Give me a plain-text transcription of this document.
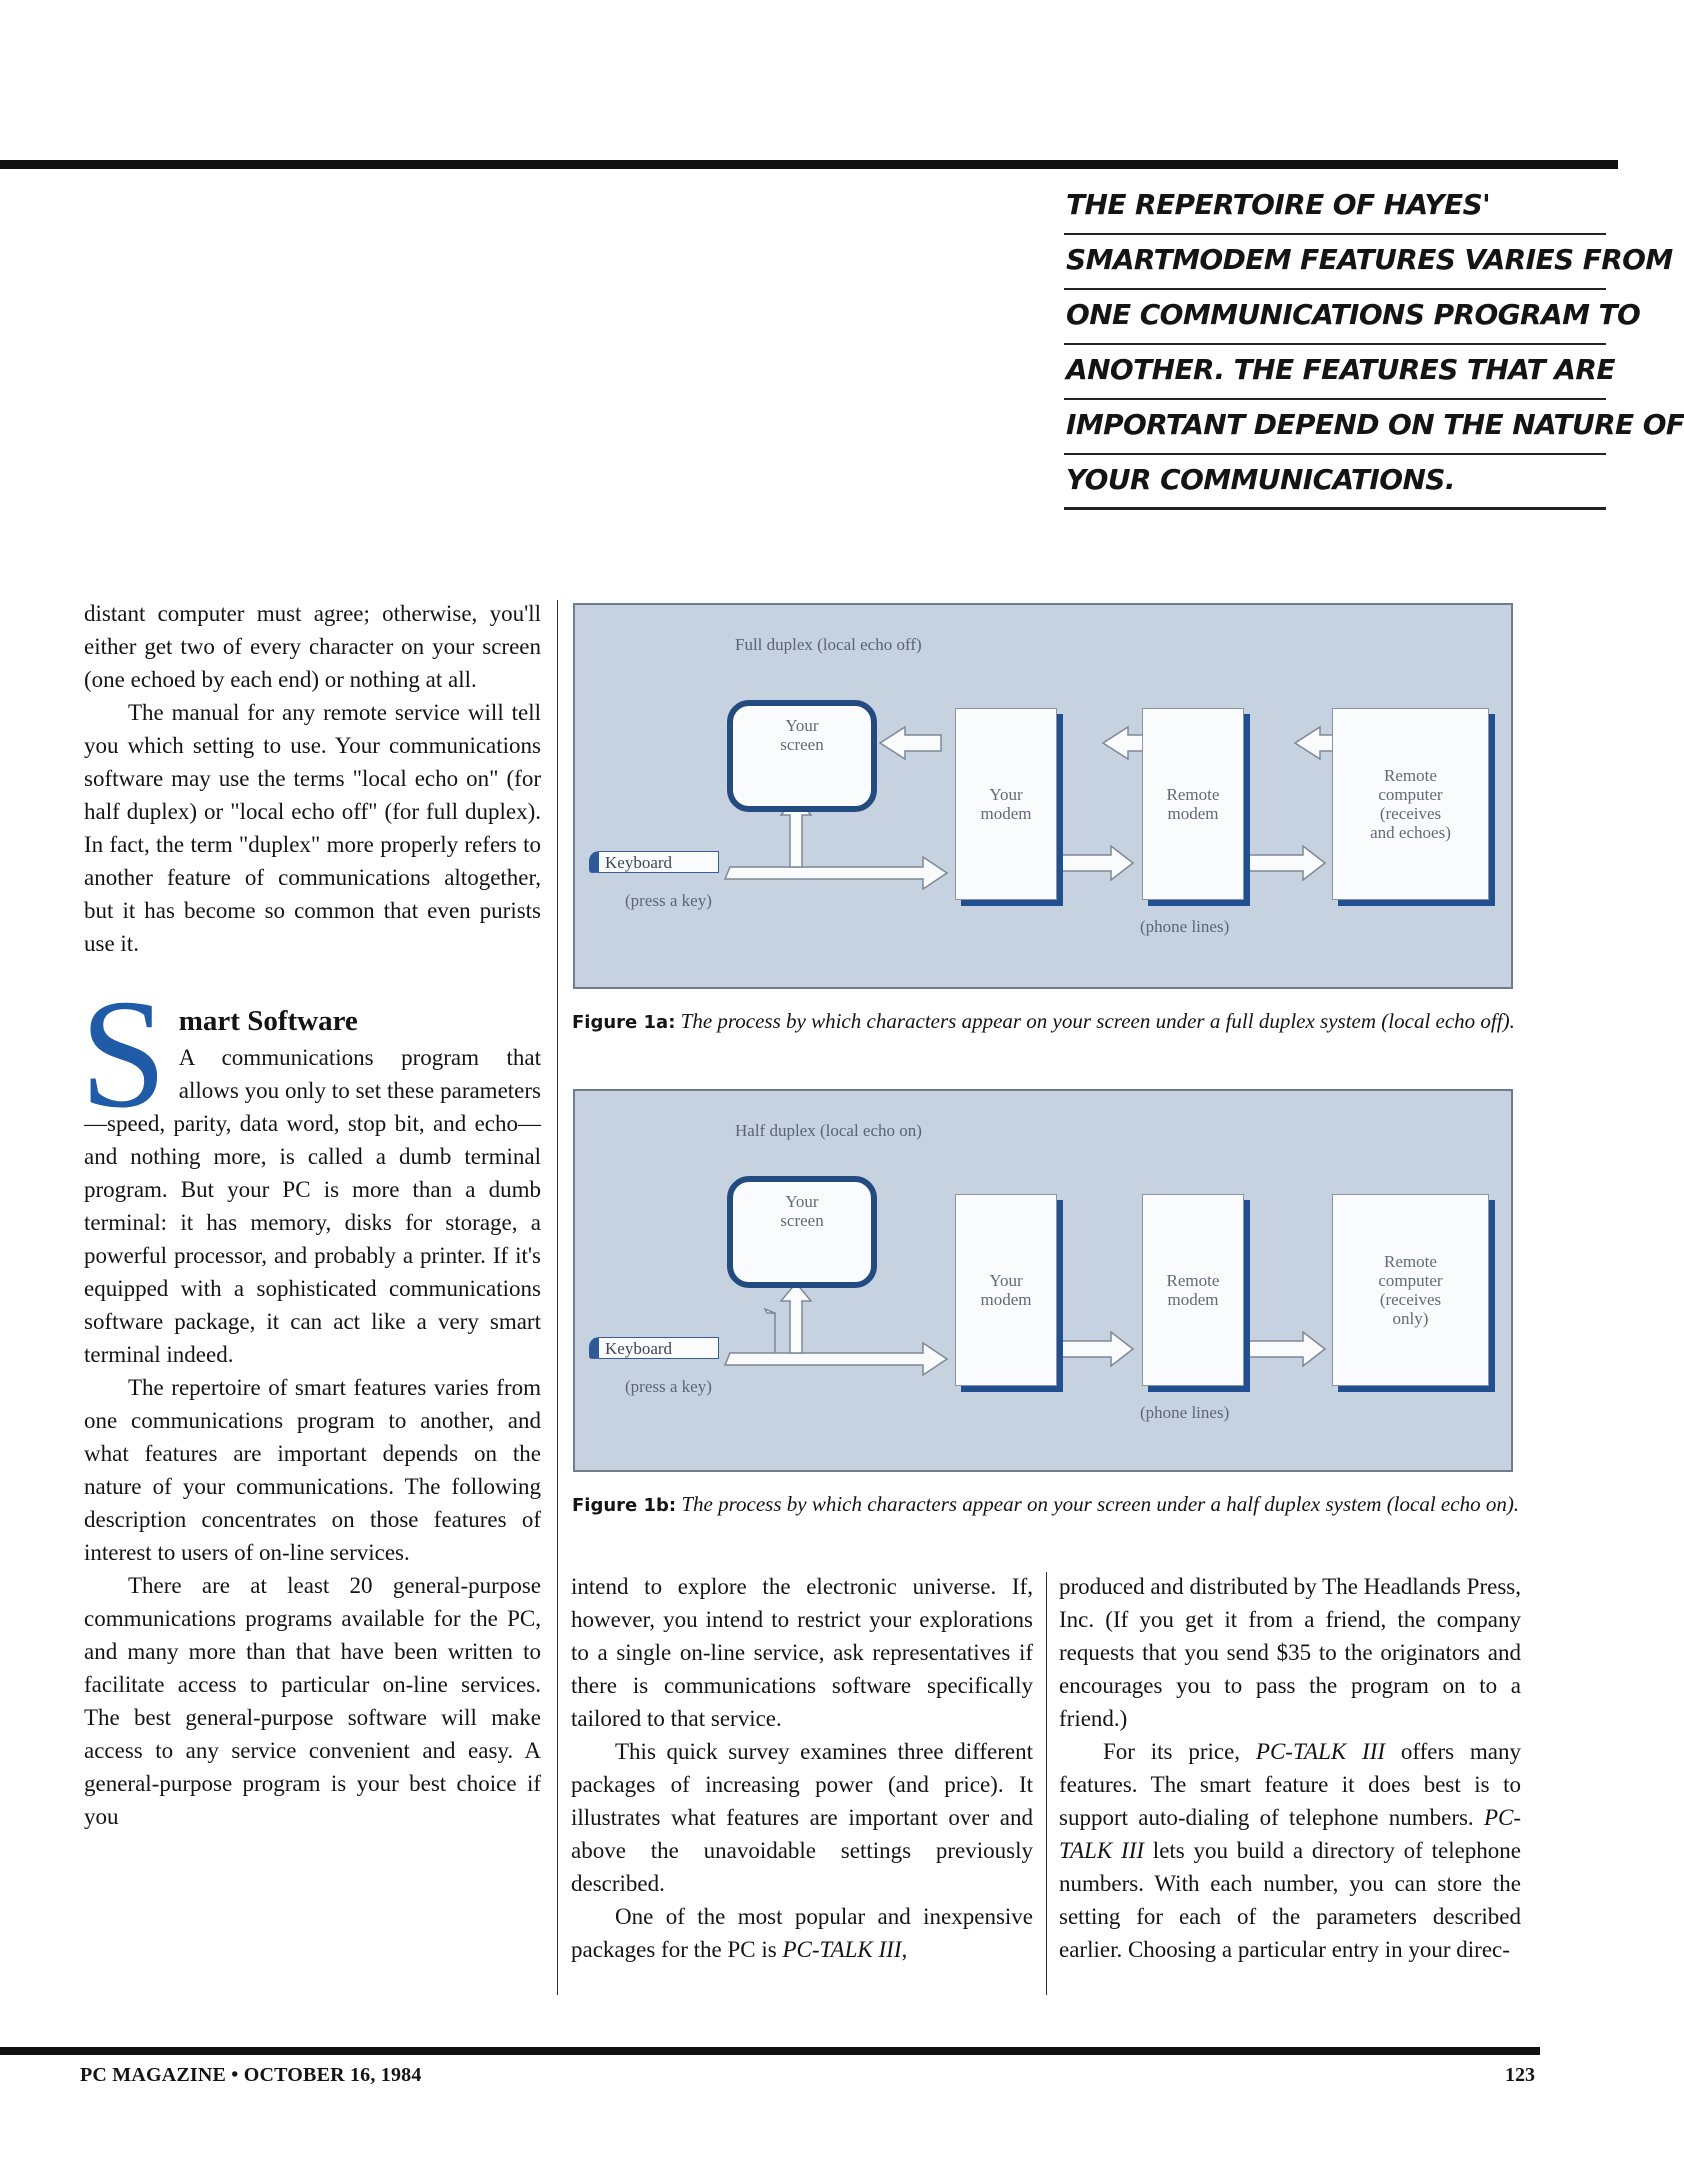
THE REPERTOIRE OF HAYES'
SMARTMODEM FEATURES VARIES FROM
ONE COMMUNICATIONS PROGRAM TO
ANOTHER. THE FEATURES THAT ARE
IMPORTANT DEPEND ON THE NATURE OF
YOUR COMMUNICATIONS.

distant computer must agree; otherwise, you'll either get two of every character on your screen (one echoed by each end) or nothing at all.

The manual for any remote service will tell you which setting to use. Your communications software may use the terms "local echo on" (for half duplex) or "local echo off" (for full duplex). In fact, the term "duplex" more properly refers to another feature of communications altogether, but it has become so common that even purists use it.

S mart Software
A communications program that allows you only to set these parameters—speed, parity, data word, stop bit, and echo—and nothing more, is called a dumb terminal program. But your PC is more than a dumb terminal: it has memory, disks for storage, a powerful processor, and probably a printer. If it's equipped with a sophisticated communications software package, it can act like a very smart terminal indeed.

The repertoire of smart features varies from one communications program to another, and what features are important depends on the nature of your communications. The following description concentrates on those features of interest to users of on-line services.

There are at least 20 general-purpose communications programs available for the PC, and many more than that have been written to facilitate access to particular on-line services. The best general-purpose software will make access to any service convenient and easy. A general-purpose program is your best choice if you

Full duplex (local echo off)
Your
screen
Your
modem
Remote
modem
Remote
computer
(receives
and echoes)
Keyboard
(press a key)
(phone lines)
Figure 1a: The process by which characters appear on your screen under a full duplex system (local echo off).
Half duplex (local echo on)
Your
screen
Your
modem
Remote
modem
Remote
computer
(receives
only)
Keyboard
(press a key)
(phone lines)
Figure 1b: The process by which characters appear on your screen under a half duplex system (local echo on).

intend to explore the electronic universe. If, however, you intend to restrict your explorations to a single on-line service, ask representatives if there is communications software specifically tailored to that service.

This quick survey examines three different packages of increasing power (and price). It illustrates what features are important over and above the unavoidable settings previously described.

One of the most popular and inexpensive packages for the PC is PC-TALK III,

produced and distributed by The Headlands Press, Inc. (If you get it from a friend, the company requests that you send $35 to the originators and encourages you to pass the program on to a friend.)

For its price, PC-TALK III offers many features. The smart feature it does best is to support auto-dialing of telephone numbers. PC-TALK III lets you build a directory of telephone numbers. With each number, you can store the setting for each of the parameters described earlier. Choosing a particular entry in your direc-

PC MAGAZINE • OCTOBER 16, 1984	123
